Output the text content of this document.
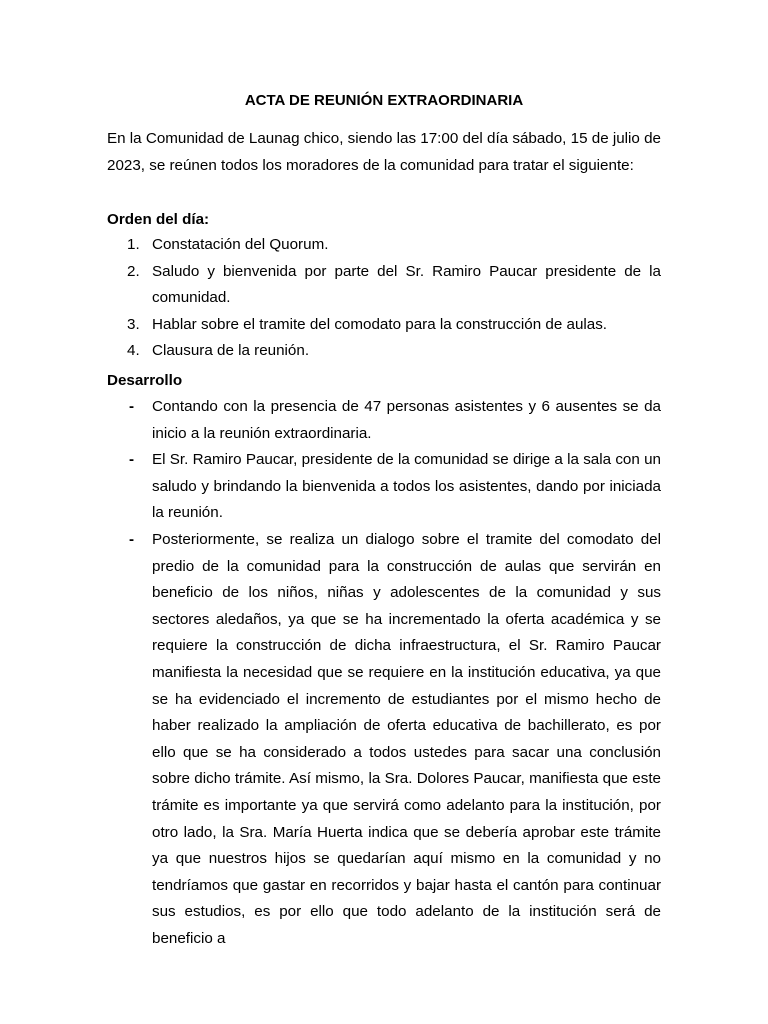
ACTA DE REUNIÓN EXTRAORDINARIA
En la Comunidad de Launag chico, siendo las 17:00 del día sábado, 15 de julio de 2023, se reúnen todos los moradores de la comunidad para tratar el siguiente:
Orden del día:
1. Constatación del Quorum.
2. Saludo y bienvenida por parte del Sr. Ramiro Paucar presidente de la comunidad.
3. Hablar sobre el tramite del comodato para la construcción de aulas.
4. Clausura de la reunión.
Desarrollo
- Contando con la presencia de 47 personas asistentes y 6 ausentes se da inicio a la reunión extraordinaria.
- El Sr. Ramiro Paucar, presidente de la comunidad se dirige a la sala con un saludo y brindando la bienvenida a todos los asistentes, dando por iniciada la reunión.
- Posteriormente, se realiza un dialogo sobre el tramite del comodato del predio de la comunidad para la construcción de aulas que servirán en beneficio de los niños, niñas y adolescentes de la comunidad y sus sectores aledaños, ya que se ha incrementado la oferta académica y se requiere la construcción de dicha infraestructura, el Sr. Ramiro Paucar manifiesta la necesidad que se requiere en la institución educativa, ya que se ha evidenciado el incremento de estudiantes por el mismo hecho de haber realizado la ampliación de oferta educativa de bachillerato, es por ello que se ha considerado a todos ustedes para sacar una conclusión sobre dicho trámite. Así mismo, la Sra. Dolores Paucar, manifiesta que este trámite es importante ya que servirá como adelanto para la institución, por otro lado, la Sra. María Huerta indica que se debería aprobar este trámite ya que nuestros hijos se quedarían aquí mismo en la comunidad y no tendríamos que gastar en recorridos y bajar hasta el cantón para continuar sus estudios, es por ello que todo adelanto de la institución será de beneficio a
